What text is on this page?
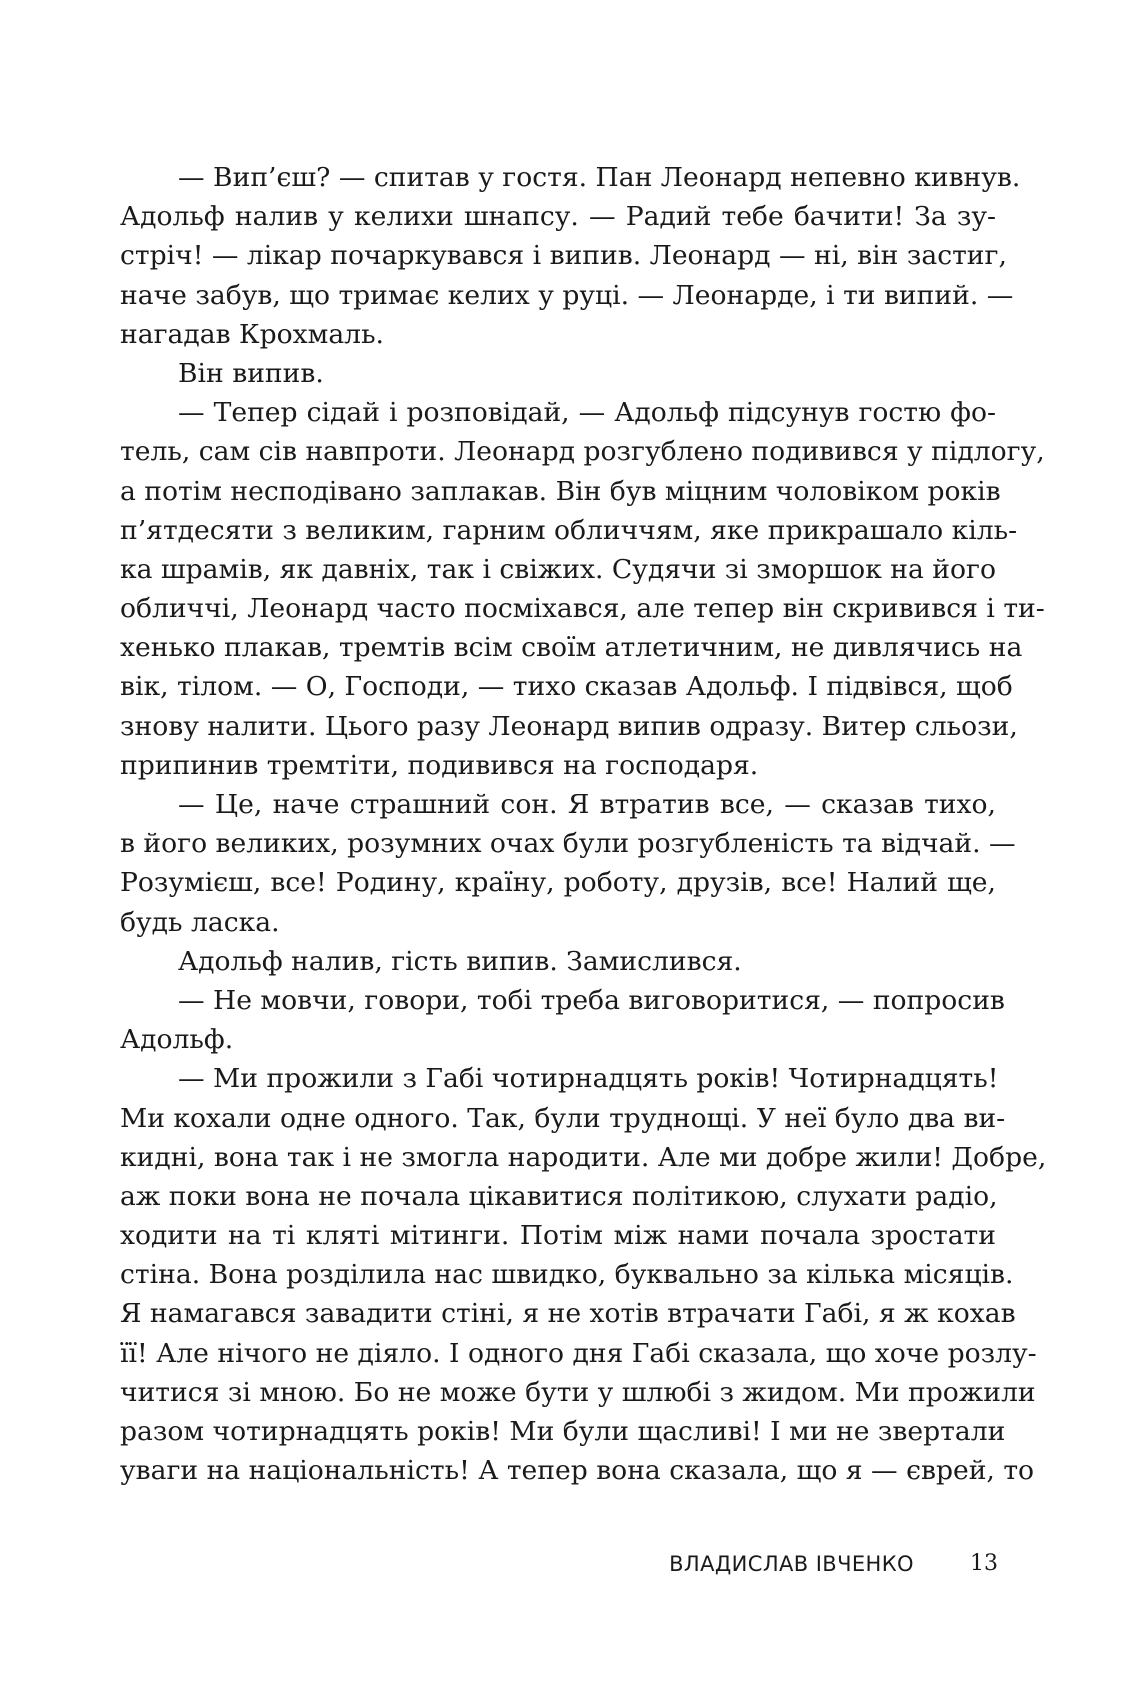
— Вип’єш? — спитав у гостя. Пан Леонард непевно кивнув.
Адольф налив у келихи шнапсу. — Радий тебе бачити! За зу-
стріч! — лікар почаркувався і випив. Леонард — ні, він застиг,
наче забув, що тримає келих у руці. — Леонарде, і ти випий. —
нагадав Крохмаль.
Він випив.
— Тепер сідай і розповідай, — Адольф підсунув гостю фо-
тель, сам сів навпроти. Леонард розгублено подивився у підлогу,
а потім несподівано заплакав. Він був міцним чоловіком років
п’ятдесяти з великим, гарним обличчям, яке прикрашало кіль-
ка шрамів, як давніх, так і свіжих. Судячи зі зморшок на його
обличчі, Леонард часто посміхався, але тепер він скривився і ти-
хенько плакав, тремтів всім своїм атлетичним, не дивлячись на
вік, тілом. — О, Господи, — тихо сказав Адольф. І підвівся, щоб
знову налити. Цього разу Леонард випив одразу. Витер сльози,
припинив тремтіти, подивився на господаря.
— Це, наче страшний сон. Я втратив все, — сказав тихо,
в його великих, розумних очах були розгубленість та відчай. —
Розумієш, все! Родину, країну, роботу, друзів, все! Налий ще,
будь ласка.
Адольф налив, гість випив. Замислився.
— Не мовчи, говори, тобі треба виговоритися, — попросив
Адольф.
— Ми прожили з Габі чотирнадцять років! Чотирнадцять!
Ми кохали одне одного. Так, були труднощі. У неї було два ви-
кидні, вона так і не змогла народити. Але ми добре жили! Добре,
аж поки вона не почала цікавитися політикою, слухати радіо,
ходити на ті кляті мітинги. Потім між нами почала зростати
стіна. Вона розділила нас швидко, буквально за кілька місяців.
Я намагався завадити стіні, я не хотів втрачати Габі, я ж кохав
її! Але нічого не діяло. І одного дня Габі сказала, що хоче розлу-
читися зі мною. Бо не може бути у шлюбі з жидом. Ми прожили
разом чотирнадцять років! Ми були щасливі! І ми не звертали
уваги на національність! А тепер вона сказала, що я — єврей, то
ВЛАДИСЛАВ ІВЧЕНКО	13
